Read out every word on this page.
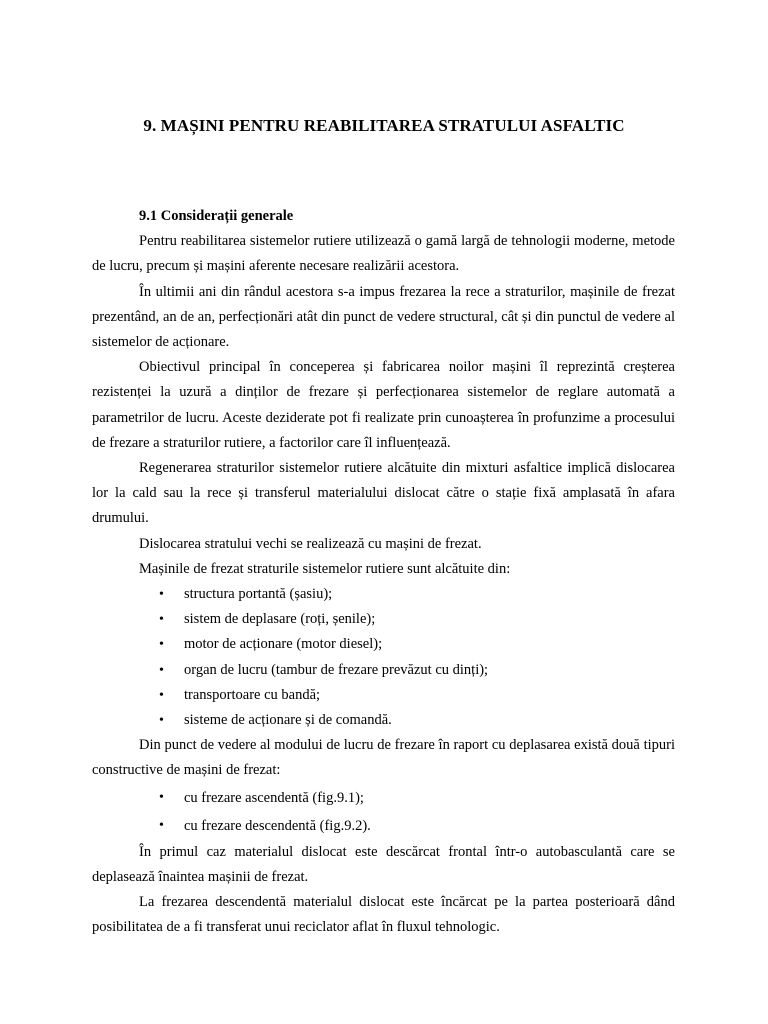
9. MAȘINI PENTRU REABILITAREA STRATULUI ASFALTIC

9.1 Considerații generale

Pentru reabilitarea sistemelor rutiere utilizează o gamă largă de tehnologii moderne, metode de lucru, precum și mașini aferente necesare realizării acestora.

În ultimii ani din rândul acestora s-a impus frezarea la rece a straturilor, mașinile de frezat prezentând, an de an, perfecționări atât din punct de vedere structural, cât și din punctul de vedere al sistemelor de acționare.

Obiectivul principal în conceperea și fabricarea noilor mașini îl reprezintă creșterea rezistenței la uzură a dinților de frezare și perfecționarea sistemelor de reglare automată a parametrilor de lucru. Aceste deziderate pot fi realizate prin cunoașterea în profunzime a procesului de frezare a straturilor rutiere, a factorilor care îl influențează.

Regenerarea straturilor sistemelor rutiere alcătuite din mixturi asfaltice implică dislocarea lor la cald sau la rece și transferul materialului dislocat către o stație fixă amplasată în afara drumului.

Dislocarea stratului vechi se realizează cu mașini de frezat.

Mașinile de frezat straturile sistemelor rutiere sunt alcătuite din:

• structura portantă (șasiu);
• sistem de deplasare (roți, șenile);
• motor de acționare (motor diesel);
• organ de lucru (tambur de frezare prevăzut cu dinți);
• transportoare cu bandă;
• sisteme de acționare și de comandă.

Din punct de vedere al modului de lucru de frezare în raport cu deplasarea există două tipuri constructive de mașini de frezat:

• cu frezare ascendentă (fig.9.1);
• cu frezare descendentă (fig.9.2).

În primul caz materialul dislocat este descărcat frontal într-o autobasculantă care se deplasează înaintea mașinii de frezat.

La frezarea descendentă materialul dislocat este încărcat pe la partea posterioară dând posibilitatea de a fi transferat unui reciclator aflat în fluxul tehnologic.
